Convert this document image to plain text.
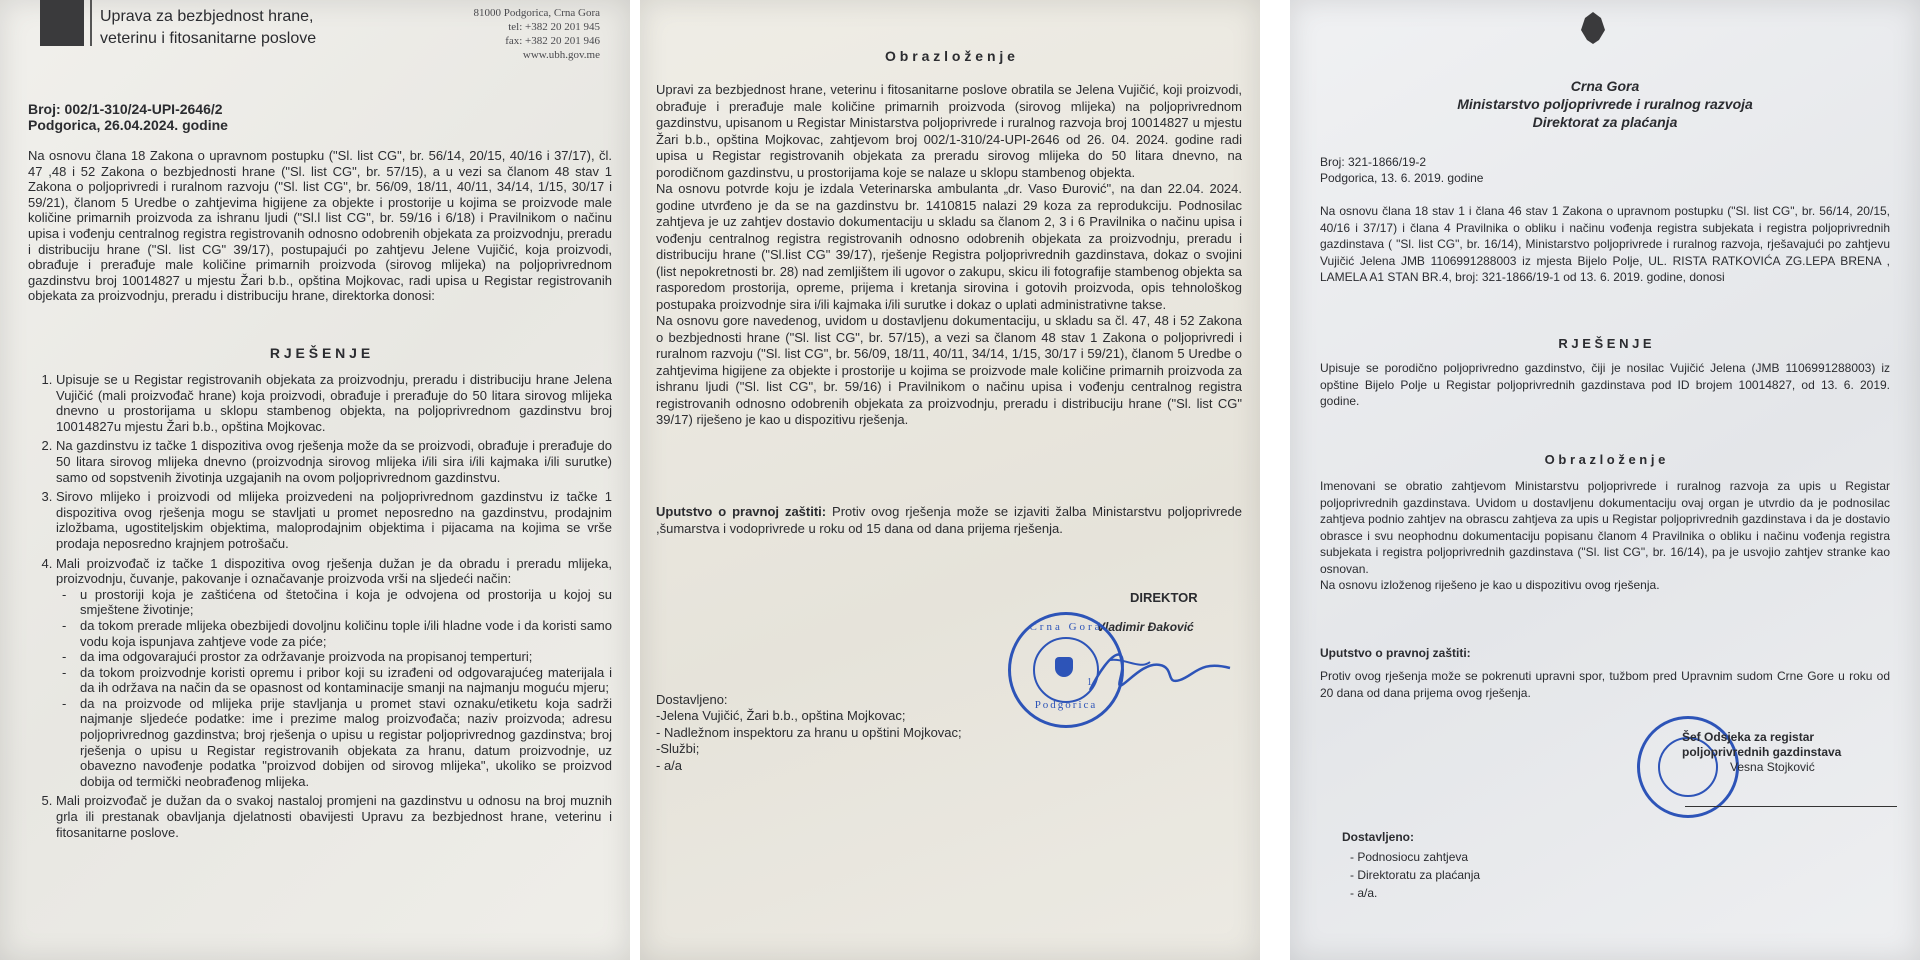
Uprava za bezbjednost hrane, veterinu i fitosanitarne poslove
81000 Podgorica, Crna Gora
tel: +382 20 201 945
fax: +382 20 201 946
www.ubh.gov.me
Broj: 002/1-310/24-UPI-2646/2
Podgorica, 26.04.2024. godine
Na osnovu člana 18 Zakona o upravnom postupku ("Sl. list CG", br. 56/14, 20/15, 40/16 i 37/17), čl. 47 ,48 i 52 Zakona o bezbjednosti hrane ("Sl. list CG", br. 57/15), a u vezi sa članom 48 stav 1 Zakona o poljoprivredi i ruralnom razvoju ("Sl. list CG", br. 56/09, 18/11, 40/11, 34/14, 1/15, 30/17 i 59/21), članom 5 Uredbe o zahtjevima higijene za objekte i prostorije u kojima se proizvode male količine primarnih proizvoda za ishranu ljudi ("Sl.l list CG", br. 59/16 i 6/18) i Pravilnikom o načinu upisa i vođenju centralnog registra registrovanih odnosno odobrenih objekata za proizvodnju, preradu i distribuciju hrane ("Sl. list CG" 39/17), postupajući po zahtjevu Jelene Vujičić, koja proizvodi, obrađuje i prerađuje male količine primarnih proizvoda (sirovog mlijeka) na poljoprivrednom gazdinstvu broj 10014827 u mjestu Žari b.b., opština Mojkovac, radi upisa u Registar registrovanih objekata za proizvodnju, preradu i distribuciju hrane, direktorka donosi:
R J E Š E N J E
1. Upisuje se u Registar registrovanih objekata za proizvodnju, preradu i distribuciju hrane Jelena Vujičić (mali proizvođač hrane) koja proizvodi, obrađuje i prerađuje do 50 litara sirovog mlijeka dnevno u prostorijama u sklopu stambenog objekta, na poljoprivrednom gazdinstvu broj 10014827u mjestu Žari b.b., opština Mojkovac.
2. Na gazdinstvu iz tačke 1 dispozitiva ovog rješenja može da se proizvodi, obrađuje i prerađuje do 50 litara sirovog mlijeka dnevno (proizvodnja sirovog mlijeka i/ili sira i/ili kajmaka i/ili surutke) samo od sopstvenih životinja uzgajanih na ovom poljoprivrednom gazdinstvu.
3. Sirovo mlijeko i proizvodi od mlijeka proizvedeni na poljoprivrednom gazdinstvu iz tačke 1 dispozitiva ovog rješenja mogu se stavljati u promet neposredno na gazdinstvu, prodajnim izložbama, ugostiteljskim objektima, maloprodajnim objektima i pijacama na kojima se vrše prodaja neposredno krajnjem potrošaču.
4. Mali proizvođač iz tačke 1 dispozitiva ovog rješenja dužan je da obradu i preradu mlijeka, proizvodnju, čuvanje, pakovanje i označavanje proizvoda vrši na sljedeći način:
- u prostoriji koja je zaštićena od štetočina i koja je odvojena od prostorija u kojoj su smještene životinje;
- da tokom prerade mlijeka obezbijedi dovoljnu količinu tople i/ili hladne vode i da koristi samo vodu koja ispunjava zahtjeve vode za piće;
- da ima odgovarajući prostor za održavanje proizvoda na propisanoj temperturi;
- da tokom proizvodnje koristi opremu i pribor koji su izrađeni od odgovarajućeg materijala i da ih održava na način da se opasnost od kontaminacije smanji na najmanju moguću mjeru;
- da na proizvode od mlijeka prije stavljanja u promet stavi oznaku/etiketu koja sadrži najmanje sljedeće podatke: ime i prezime malog proizvođača; naziv proizvoda; adresu poljoprivrednog gazdinstva; broj rješenja o upisu u registar poljoprivrednog gazdinstva; broj rješenja o upisu u Registar registrovanih objekata za hranu, datum proizvodnje, uz obavezno navođenje podatka "proizvod dobijen od sirovog mlijeka", ukoliko se proizvod dobija od termički neobrađenog mlijeka.
5. Mali proizvođač je dužan da o svakoj nastaloj promjeni na gazdinstvu u odnosu na broj muznih grla ili prestanak obavljanja djelatnosti obavijesti Upravu za bezbjednost hrane, veterinu i fitosanitarne poslove.
O b r a z l o ž e n j e

Upravi za bezbjednost hrane, veterinu i fitosanitarne poslove obratila se Jelena Vujičić, koji proizvodi, obrađuje i prerađuje male količine primarnih proizvoda (sirovog mlijeka) na poljoprivrednom gazdinstvu, upisanom u Registar Ministarstva poljoprivrede i ruralnog razvoja broj 10014827 u mjestu Žari b.b., opština Mojkovac, zahtjevom broj 002/1-310/24-UPI-2646 od 26. 04. 2024. godine radi upisa u Registar registrovanih objekata za preradu sirovog mlijeka do 50 litara dnevno, na porodičnom gazdinstvu, u prostorijama koje se nalaze u sklopu stambenog objekta.

Na osnovu potvrde koju je izdala Veterinarska ambulanta „dr. Vaso Đurović", na dan 22.04. 2024. godine utvrđeno je da se na gazdinstvu br. 1410815 nalazi 29 koza za reprodukciju. Podnosilac zahtjeva je uz zahtjev dostavio dokumentaciju u skladu sa članom 2, 3 i 6 Pravilnika o načinu upisa i vođenju centralnog registra registrovanih odnosno odobrenih objekata za proizvodnju, preradu i distribuciju hrane ("Sl.list CG" 39/17), rješenje Registra poljoprivrednih gazdinstava, dokaz o svojini (list nepokretnosti br. 28) nad zemljištem ili ugovor o zakupu, skicu ili fotografije stambenog objekta sa rasporedom prostorija, opreme, prijema i kretanja sirovina i gotovih proizvoda, opis tehnološkog postupaka proizvodnje sira i/ili kajmaka i/ili surutke i dokaz o uplati administrativne takse.

Na osnovu gore navedenog, uvidom u dostavljenu dokumentaciju, u skladu sa čl. 47, 48 i 52 Zakona o bezbjednosti hrane ("Sl. list CG", br. 57/15), a vezi sa članom 48 stav 1 Zakona o poljoprivredi i ruralnom razvoju ("Sl. list CG", br. 56/09, 18/11, 40/11, 34/14, 1/15, 30/17 i 59/21), članom 5 Uredbe o zahtjevima higijene za objekte i prostorije u kojima se proizvode male količine primarnih proizvoda za ishranu ljudi ("Sl. list CG", br. 59/16) i Pravilnikom o načinu upisa i vođenju centralnog registra registrovanih odnosno odobrenih objekata za proizvodnju, preradu i distribuciju hrane ("Sl. list CG" 39/17) riješeno je kao u dispozitivu rješenja.

Uputstvo o pravnoj zaštiti: Protiv ovog rješenja može se izjaviti žalba Ministarstvu poljoprivrede ,šumarstva i vodoprivrede u roku od 15 dana od dana prijema rješenja.
DIREKTOR
Vladimir Đaković
Crna Gora
Podgorica
1
Dostavljeno:
-Jelena Vujičić, Žari b.b., opština Mojkovac;
- Nadležnom inspektoru za hranu u opštini Mojkovac;
-Službi;
- a/a
Crna Gora
Ministarstvo poljoprivrede i ruralnog razvoja
Direktorat za plaćanja
Broj: 321-1866/19-2
Podgorica, 13. 6. 2019. godine
Na osnovu člana 18 stav 1 i člana 46 stav 1 Zakona o upravnom postupku ("Sl. list CG", br. 56/14, 20/15, 40/16 i 37/17) i člana 4 Pravilnika o obliku i načinu vođenja registra subjekata i registra poljoprivrednih gazdinstava ( "Sl. list CG", br. 16/14), Ministarstvo poljoprivrede i ruralnog razvoja, rješavajući po zahtjevu Vujičić Jelena JMB 1106991288003 iz mjesta Bijelo Polje, UL. RISTA RATKOVIĆA ZG.LEPA BRENA , LAMELA A1 STAN BR.4, broj: 321-1866/19-1 od 13. 6. 2019. godine, donosi
R J E Š E N J E
Upisuje se porodično poljoprivredno gazdinstvo, čiji je nosilac Vujičić Jelena (JMB 1106991288003) iz opštine Bijelo Polje u Registar poljoprivrednih gazdinstava pod ID brojem 10014827, od 13. 6. 2019. godine.
O b r a z l o ž e n j e

Imenovani se obratio zahtjevom Ministarstvu poljoprivrede i ruralnog razvoja za upis u Registar poljoprivrednih gazdinstava. Uvidom u dostavljenu dokumentaciju ovaj organ je utvrdio da je podnosilac zahtjeva podnio zahtjev na obrascu zahtjeva za upis u Registar poljoprivrednih gazdinstava i da je dostavio obrasce i svu neophodnu dokumentaciju popisanu članom 4 Pravilnika o obliku i načinu vođenja registra subjekata i registra poljoprivrednih gazdinstava ("Sl. list CG", br. 16/14), pa je usvojio zahtjev stranke kao osnovan.

Na osnovu izloženog riješeno je kao u dispozitivu ovog rješenja.

Uputstvo o pravnoj zaštiti:
Protiv ovog rješenja može se pokrenuti upravni spor, tužbom pred Upravnim sudom Crne Gore u roku od 20 dana od dana prijema ovog rješenja.
Šef Odsjeka za registar poljoprivrednih gazdinstava
Vesna Stojković
Dostavljeno:
- Podnosiocu zahtjeva
- Direktoratu za plaćanja
- a/a.
